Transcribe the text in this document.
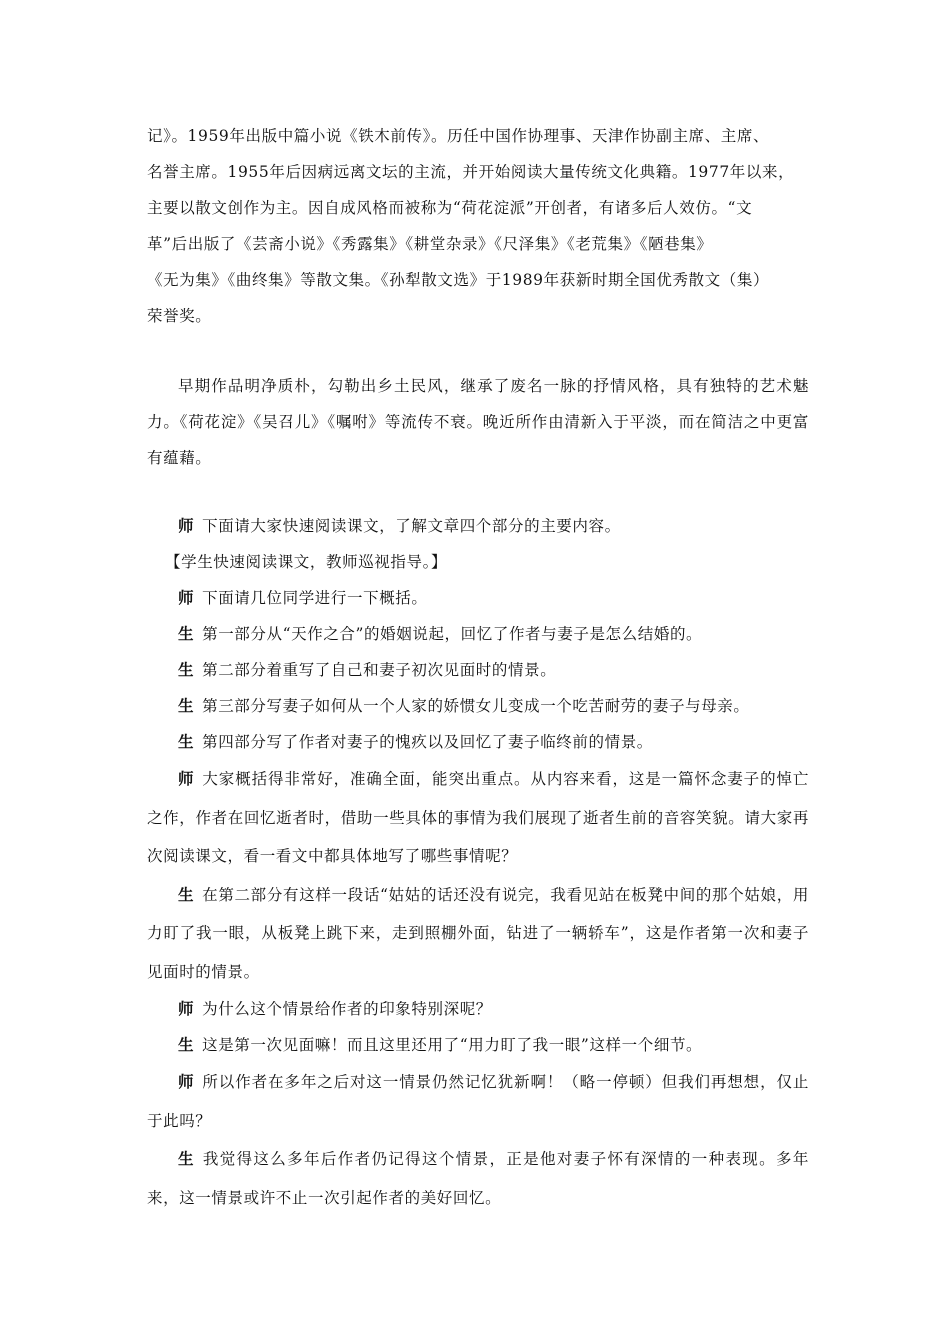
记》。1959年出版中篇小说《铁木前传》。历任中国作协理事、天津作协副主席、主席、

名誉主席。1955年后因病远离文坛的主流，并开始阅读大量传统文化典籍。1977年以来，

主要以散文创作为主。因自成风格而被称为“荷花淀派”开创者，有诸多后人效仿。“文

革”后出版了《芸斋小说》《秀露集》《耕堂杂录》《尺泽集》《老荒集》《陋巷集》

《无为集》《曲终集》等散文集。《孙犁散文选》于1989年获新时期全国优秀散文（集）

荣誉奖。

早期作品明净质朴，勾勒出乡土民风，继承了废名一脉的抒情风格，具有独特的艺术魅力。《荷花淀》《吴召儿》《嘱咐》等流传不衰。晚近所作由清新入于平淡，而在简洁之中更富有蕴藉。

师 下面请大家快速阅读课文，了解文章四个部分的主要内容。

【学生快速阅读课文，教师巡视指导。】

师 下面请几位同学进行一下概括。

生 第一部分从“天作之合”的婚姻说起，回忆了作者与妻子是怎么结婚的。

生 第二部分着重写了自己和妻子初次见面时的情景。

生 第三部分写妻子如何从一个人家的娇惯女儿变成一个吃苦耐劳的妻子与母亲。

生 第四部分写了作者对妻子的愧疚以及回忆了妻子临终前的情景。

师 大家概括得非常好，准确全面，能突出重点。从内容来看，这是一篇怀念妻子的悼亡之作，作者在回忆逝者时，借助一些具体的事情为我们展现了逝者生前的音容笑貌。请大家再次阅读课文，看一看文中都具体地写了哪些事情呢？

生 在第二部分有这样一段话“姑姑的话还没有说完，我看见站在板凳中间的那个姑娘，用力盯了我一眼，从板凳上跳下来，走到照棚外面，钻进了一辆轿车”，这是作者第一次和妻子见面时的情景。

师 为什么这个情景给作者的印象特别深呢？

生 这是第一次见面嘛！而且这里还用了“用力盯了我一眼”这样一个细节。

师 所以作者在多年之后对这一情景仍然记忆犹新啊！（略一停顿）但我们再想想，仅止于此吗？

生 我觉得这么多年后作者仍记得这个情景，正是他对妻子怀有深情的一种表现。多年来，这一情景或许不止一次引起作者的美好回忆。
